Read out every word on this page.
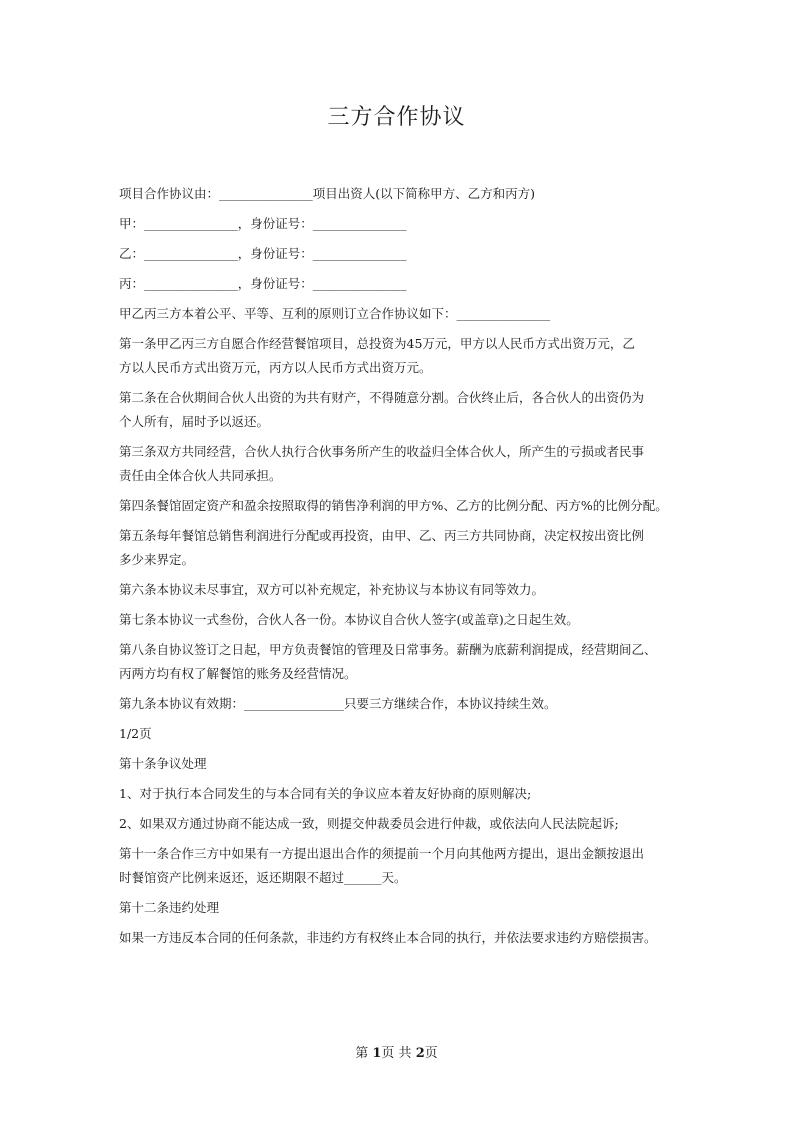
三方合作协议

项目合作协议由：_______________项目出资人(以下简称甲方、乙方和丙方)

甲：_______________，身份证号：_______________

乙：_______________，身份证号：_______________

丙：_______________，身份证号：_______________

甲乙丙三方本着公平、平等、互利的原则订立合作协议如下：_______________

第一条甲乙丙三方自愿合作经营餐馆项目，总投资为45万元，甲方以人民币方式出资万元，乙

方以人民币方式出资万元，丙方以人民币方式出资万元。

第二条在合伙期间合伙人出资的为共有财产，不得随意分割。合伙终止后，各合伙人的出资仍为

个人所有，届时予以返还。

第三条双方共同经营，合伙人执行合伙事务所产生的收益归全体合伙人，所产生的亏损或者民事

责任由全体合伙人共同承担。

第四条餐馆固定资产和盈余按照取得的销售净利润的甲方%、乙方的比例分配、丙方%的比例分配。

第五条每年餐馆总销售利润进行分配或再投资，由甲、乙、丙三方共同协商，决定权按出资比例

多少来界定。

第六条本协议未尽事宜，双方可以补充规定，补充协议与本协议有同等效力。

第七条本协议一式叁份，合伙人各一份。本协议自合伙人签字(或盖章)之日起生效。

第八条自协议签订之日起，甲方负责餐馆的管理及日常事务。薪酬为底薪利润提成，经营期间乙、

丙两方均有权了解餐馆的账务及经营情况。

第九条本协议有效期：________________只要三方继续合作，本协议持续生效。

1/2页

第十条争议处理

1、对于执行本合同发生的与本合同有关的争议应本着友好协商的原则解决;

2、如果双方通过协商不能达成一致，则提交仲裁委员会进行仲裁，或依法向人民法院起诉;

第十一条合作三方中如果有一方提出退出合作的须提前一个月向其他两方提出，退出金额按退出

时餐馆资产比例来返还，返还期限不超过______天。

第十二条违约处理

如果一方违反本合同的任何条款，非违约方有权终止本合同的执行，并依法要求违约方赔偿损害。

第 1页 共 2页
